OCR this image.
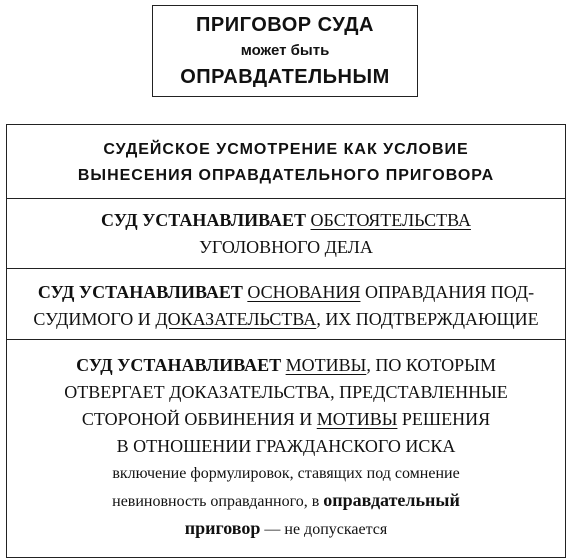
ПРИГОВОР СУДА
может быть
ОПРАВДАТЕЛЬНЫМ
СУДЕЙСКОЕ УСМОТРЕНИЕ КАК УСЛОВИЕ
ВЫНЕСЕНИЯ ОПРАВДАТЕЛЬНОГО ПРИГОВОРА
СУД УСТАНАВЛИВАЕТ ОБСТОЯТЕЛЬСТВА
УГОЛОВНОГО ДЕЛА
СУД УСТАНАВЛИВАЕТ ОСНОВАНИЯ ОПРАВДАНИЯ ПОД-
СУДИМОГО И ДОКАЗАТЕЛЬСТВА, ИХ ПОДТВЕРЖДАЮЩИЕ
СУД УСТАНАВЛИВАЕТ МОТИВЫ, ПО КОТОРЫМ
ОТВЕРГАЕТ ДОКАЗАТЕЛЬСТВА, ПРЕДСТАВЛЕННЫЕ
СТОРОНОЙ ОБВИНЕНИЯ И МОТИВЫ РЕШЕНИЯ
В ОТНОШЕНИИ ГРАЖДАНСКОГО ИСКА
включение формулировок, ставящих под сомнение
невиновность оправданного, в оправдательный
приговор — не допускается
